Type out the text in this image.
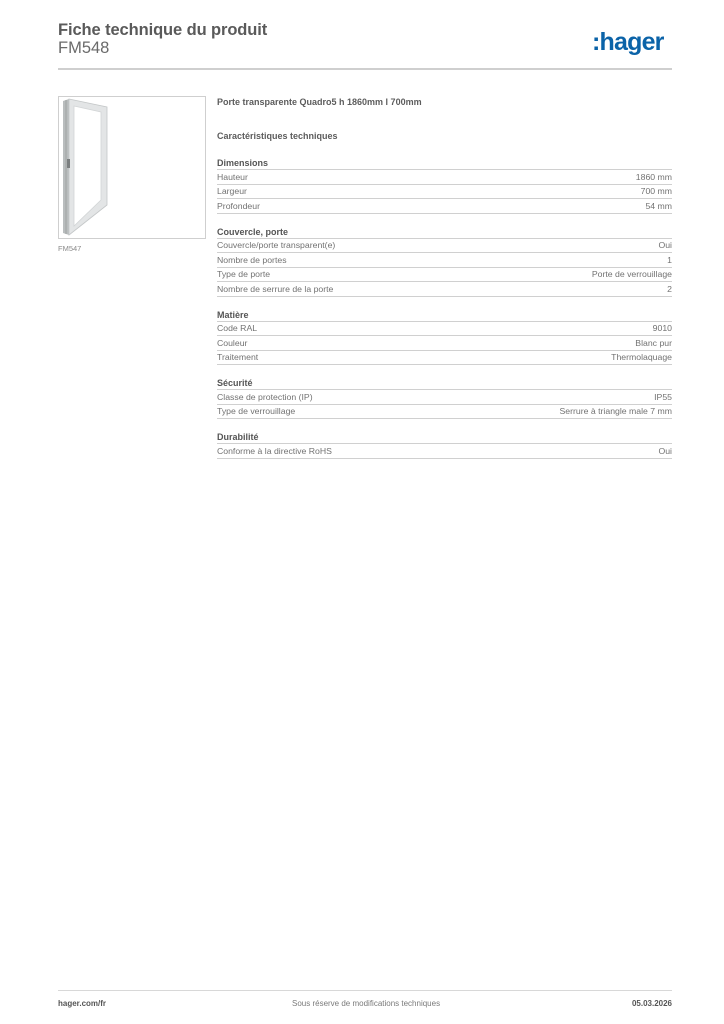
Fiche technique du produit
FM548	:hager
FM547
Porte transparente Quadro5 h 1860mm l 700mm
Caractéristiques techniques
Dimensions
Hauteur	1860 mm
Largeur	700 mm
Profondeur	54 mm
Couvercle, porte
Couvercle/porte transparent(e)	Oui
Nombre de portes	1
Type de porte	Porte de verrouillage
Nombre de serrure de la porte	2
Matière
Code RAL	9010
Couleur	Blanc pur
Traitement	Thermolaquage
Sécurité
Classe de protection (IP)	IP55
Type de verrouillage	Serrure à triangle male 7 mm
Durabilité
Conforme à la directive RoHS	Oui
hager.com/fr	Sous réserve de modifications techniques	05.03.2026
